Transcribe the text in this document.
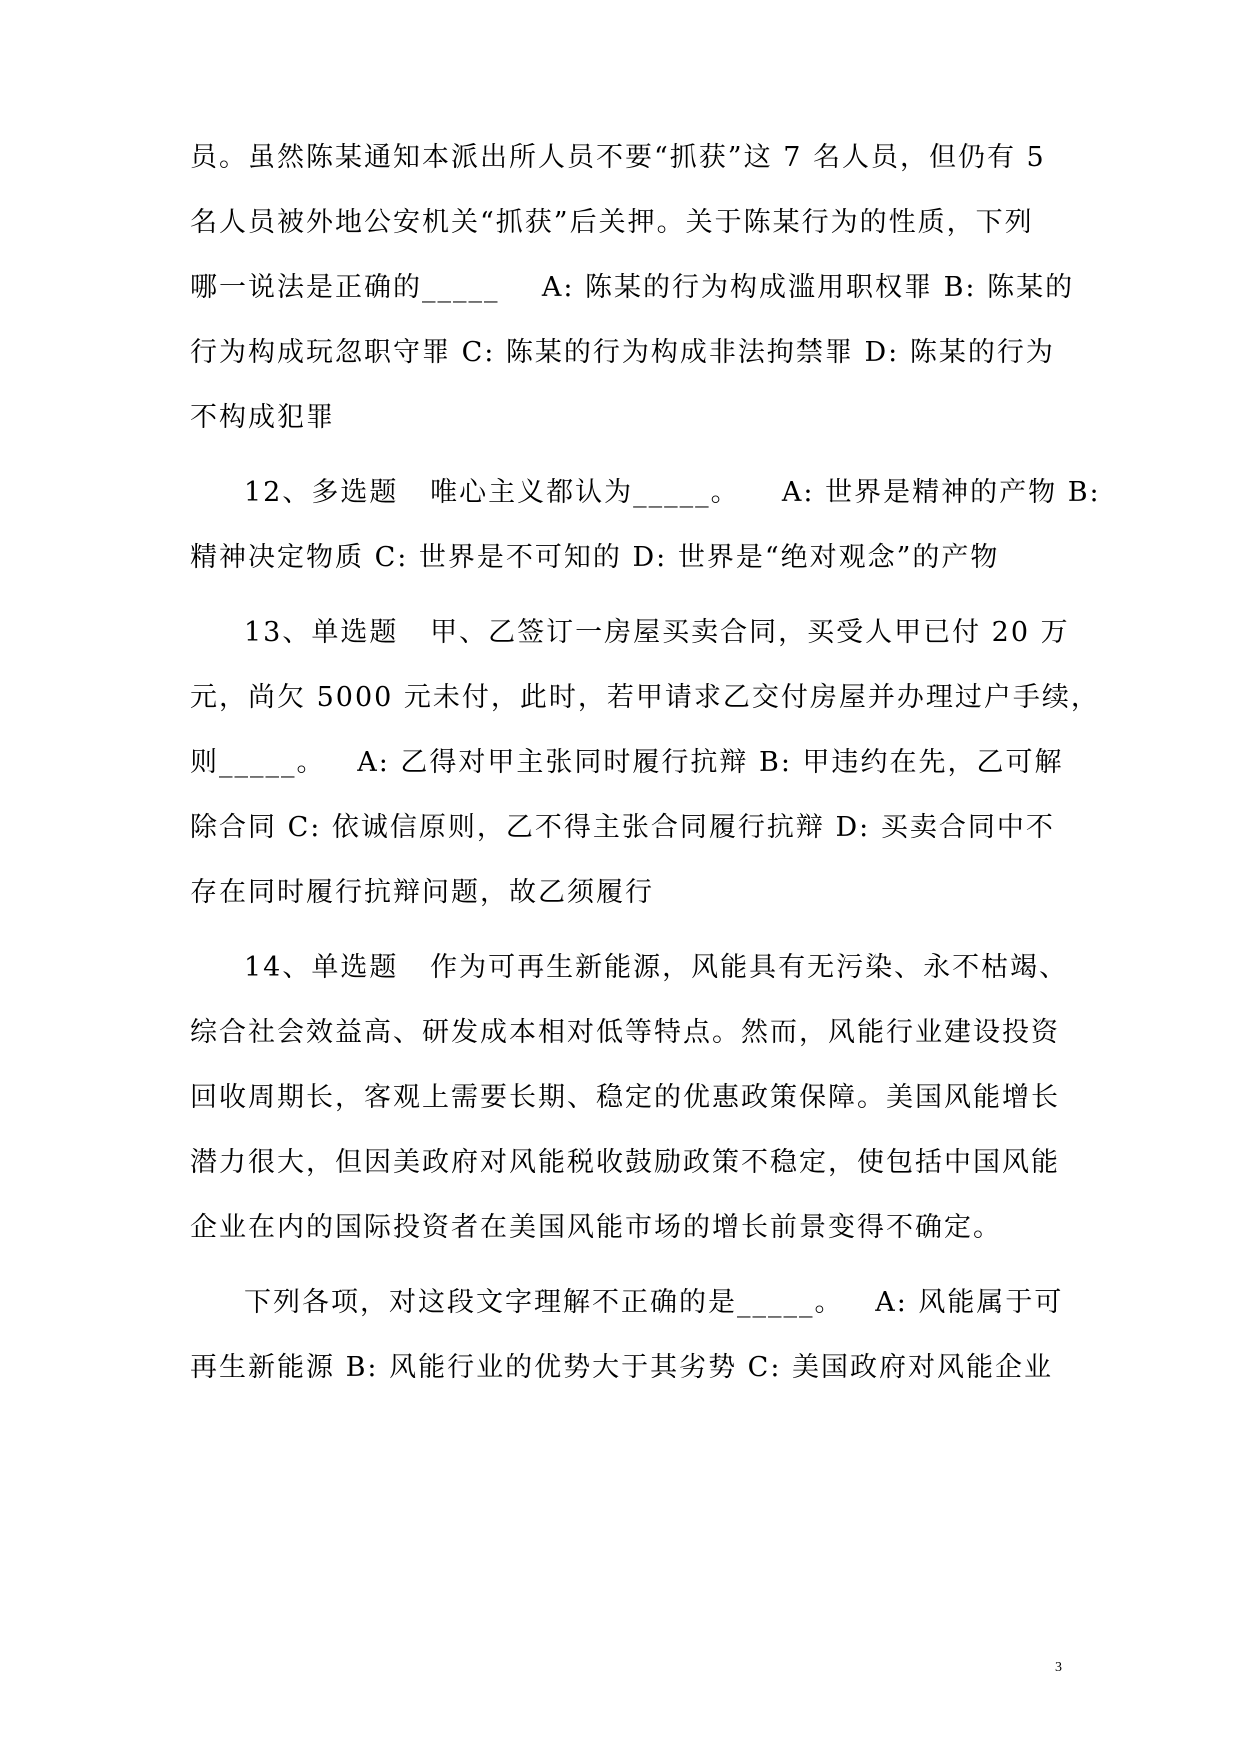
员。虽然陈某通知本派出所人员不要“抓获”这 7 名人员，但仍有 5
名人员被外地公安机关“抓获”后关押。关于陈某行为的性质，下列
哪一说法是正确的_____    A: 陈某的行为构成滥用职权罪 B: 陈某的
行为构成玩忽职守罪 C: 陈某的行为构成非法拘禁罪 D: 陈某的行为
不构成犯罪
12、多选题   唯心主义都认为_____。    A: 世界是精神的产物 B:
精神决定物质 C: 世界是不可知的 D: 世界是“绝对观念”的产物
13、单选题   甲、乙签订一房屋买卖合同，买受人甲已付 20 万
元，尚欠 5000 元未付，此时，若甲请求乙交付房屋并办理过户手续，
则_____。   A: 乙得对甲主张同时履行抗辩 B: 甲违约在先，乙可解
除合同 C: 依诚信原则，乙不得主张合同履行抗辩 D: 买卖合同中不
存在同时履行抗辩问题，故乙须履行
14、单选题   作为可再生新能源，风能具有无污染、永不枯竭、
综合社会效益高、研发成本相对低等特点。然而，风能行业建设投资
回收周期长，客观上需要长期、稳定的优惠政策保障。美国风能增长
潜力很大，但因美政府对风能税收鼓励政策不稳定，使包括中国风能
企业在内的国际投资者在美国风能市场的增长前景变得不确定。
下列各项，对这段文字理解不正确的是_____。   A: 风能属于可
再生新能源 B: 风能行业的优势大于其劣势 C: 美国政府对风能企业
3
